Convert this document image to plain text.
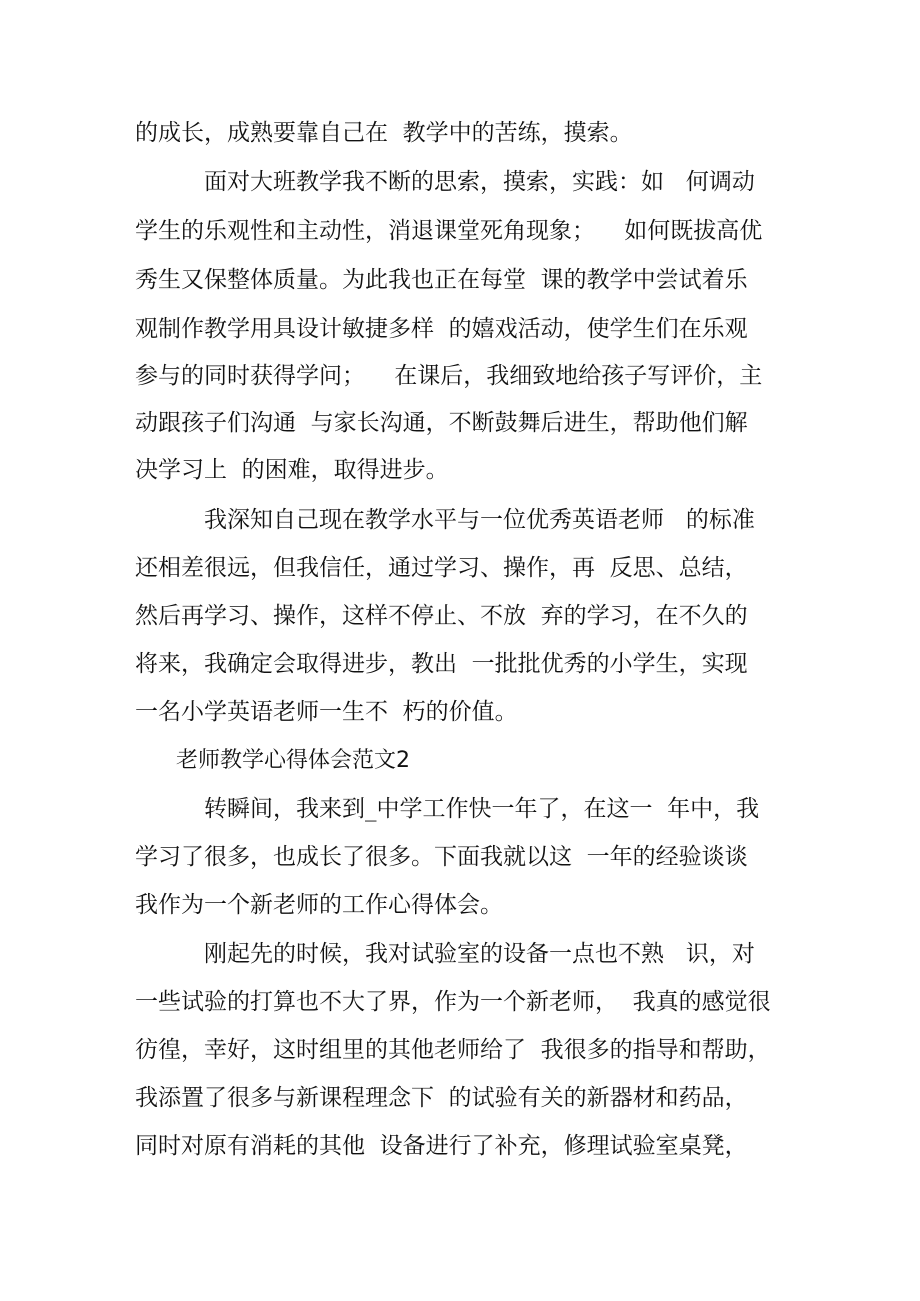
的成长，成熟要靠自己在  教学中的苦练，摸索。
面对大班教学我不断的思索，摸索，实践：如   何调动
学生的乐观性和主动性，消退课堂死角现象；    如何既拔高优
秀生又保整体质量。为此我也正在每堂  课的教学中尝试着乐
观制作教学用具设计敏捷多样  的嬉戏活动，使学生们在乐观
参与的同时获得学问；    在课后，我细致地给孩子写评价，主
动跟孩子们沟通  与家长沟通，不断鼓舞后进生，帮助他们解
决学习上  的困难，取得进步。
我深知自己现在教学水平与一位优秀英语老师   的标准
还相差很远，但我信任，通过学习、操作，再  反思、总结，
然后再学习、操作，这样不停止、不放  弃的学习，在不久的
将来，我确定会取得进步，教出  一批批优秀的小学生，实现
一名小学英语老师一生不  朽的价值。
老师教学心得体会范文2
转瞬间，我来到_中学工作快一年了，在这一  年中，我
学习了很多，也成长了很多。下面我就以这  一年的经验谈谈
我作为一个新老师的工作心得体会。
刚起先的时候，我对试验室的设备一点也不熟   识，对
一些试验的打算也不大了界，作为一个新老师，  我真的感觉很
彷徨，幸好，这时组里的其他老师给了  我很多的指导和帮助，
我添置了很多与新课程理念下  的试验有关的新器材和药品，
同时对原有消耗的其他  设备进行了补充，修理试验室桌凳，
